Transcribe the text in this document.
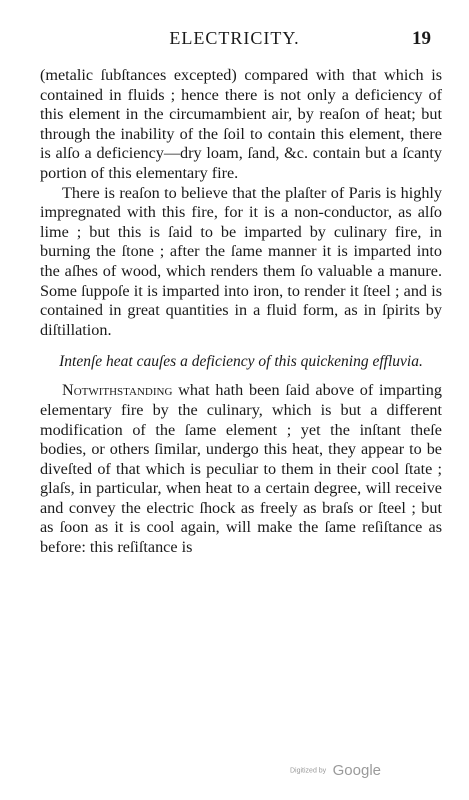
ELECTRICITY.	19

(metalic ſubſtances excepted) compared with that which is contained in fluids ; hence there is not only a deficiency of this element in the circumambient air, by reaſon of heat; but through the inability of the ſoil to contain this element, there is alſo a deficiency—dry loam, ſand, &c. contain but a ſcanty portion of this elementary fire.

There is reaſon to believe that the plaſter of Paris is highly impregnated with this fire, for it is a non-conductor, as alſo lime ; but this is ſaid to be imparted by culinary fire, in burning the ſtone ; after the ſame manner it is imparted into the aſhes of wood, which renders them ſo valuable a manure. Some ſuppoſe it is imparted into iron, to render it ſteel ; and is contained in great quantities in a fluid form, as in ſpirits by diſtillation.

Intenſe heat cauſes a deficiency of this quickening effluvia.

Notwithstanding what hath been ſaid above of imparting elementary fire by the culinary, which is but a different modification of the ſame element ; yet the inſtant theſe bodies, or others ſimilar, undergo this heat, they appear to be diveſted of that which is peculiar to them in their cool ſtate ; glaſs, in particular, when heat to a certain degree, will receive and convey the electric ſhock as freely as braſs or ſteel ; but as ſoon as it is cool again, will make the ſame reſiſtance as before: this reſiſtance is

Digitized by Google
